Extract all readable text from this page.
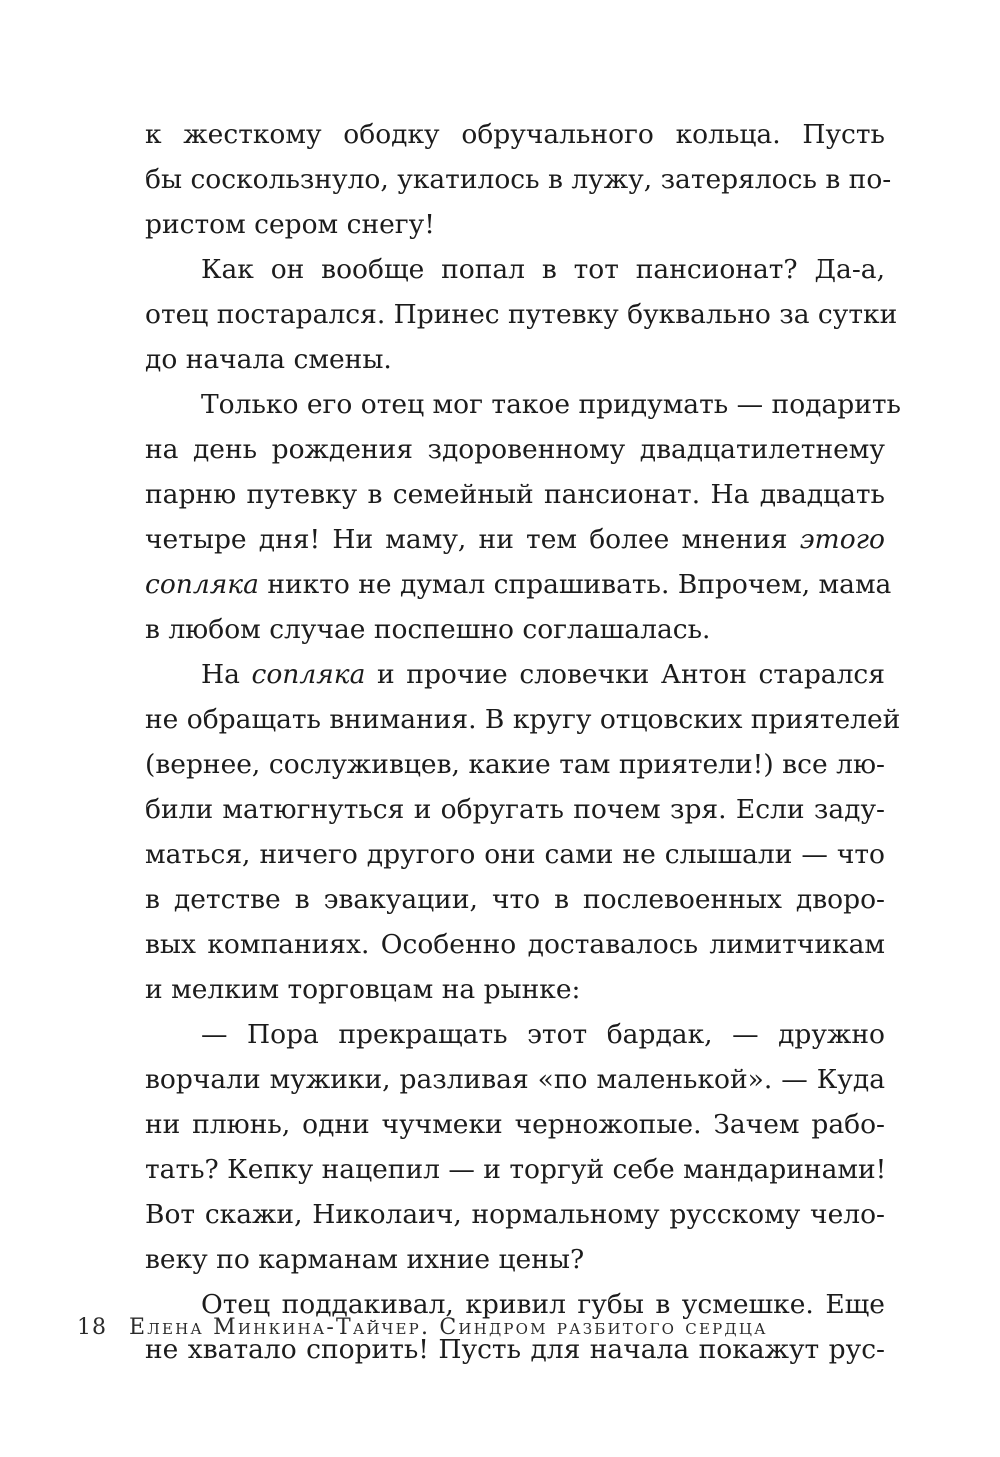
к жесткому ободку обручального кольца. Пусть
бы соскользнуло, укатилось в лужу, затерялось в по-
ристом сером снегу!
Как он вообще попал в тот пансионат? Да-а,
отец постарался. Принес путевку буквально за сутки
до начала смены.
Только его отец мог такое придумать — подарить
на день рождения здоровенному двадцатилетнему
парню путевку в семейный пансионат. На двадцать
четыре дня! Ни маму, ни тем более мнения этого
сопляка никто не думал спрашивать. Впрочем, мама
в любом случае поспешно соглашалась.
На сопляка и прочие словечки Антон старался
не обращать внимания. В кругу отцовских приятелей
(вернее, сослуживцев, какие там приятели!) все лю-
били матюгнуться и обругать почем зря. Если заду-
маться, ничего другого они сами не слышали — что
в детстве в эвакуации, что в послевоенных дворо-
вых компаниях. Особенно доставалось лимитчикам
и мелким торговцам на рынке:
— Пора прекращать этот бардак, — дружно
ворчали мужики, разливая «по маленькой». — Куда
ни плюнь, одни чучмеки черножопые. Зачем рабо-
тать? Кепку нацепил — и торгуй себе мандаринами!
Вот скажи, Николаич, нормальному русскому чело-
веку по карманам ихние цены?
Отец поддакивал, кривил губы в усмешке. Еще
не хватало спорить! Пусть для начала покажут рус-
18 Елена Минкина-Тайчер. Синдром разбитого сердца
